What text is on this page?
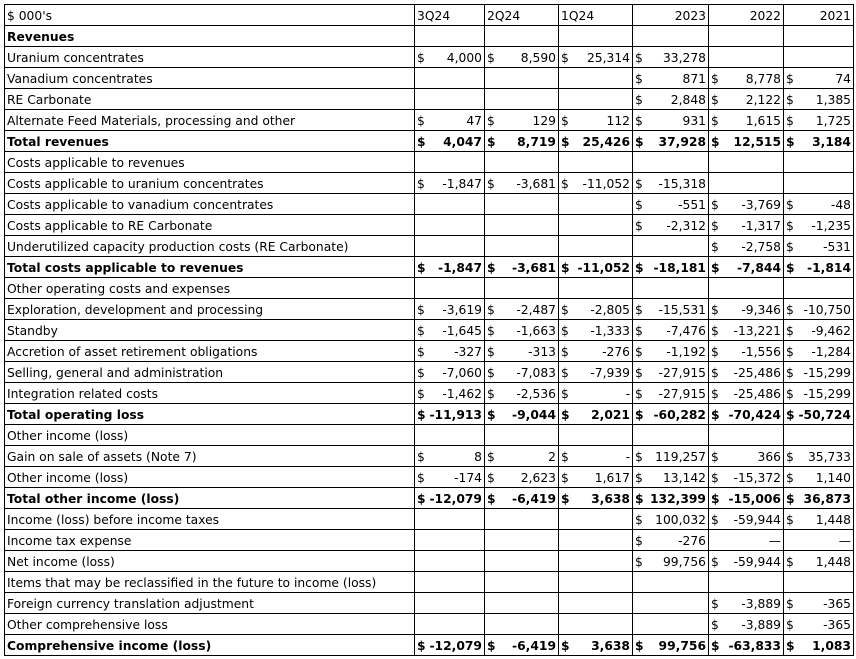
$ 000's	3Q24	2Q24	1Q24	2023	2022	2021
Revenues						
Uranium concentrates	$ 4,000	$ 8,590	$ 25,314	$ 33,278		

Vanadium concentrates				$ 871	$ 8,778	$ 74

RE Carbonate				$ 2,848	$ 2,122	$ 1,385

Alternate Feed Materials, processing and other	$ 47	$ 129	$ 112	$ 931	$ 1,615	$ 1,725

Total revenues	$ 4,047	$ 8,719	$ 25,426	$ 37,928	$ 12,515	$ 3,184

Costs applicable to revenues						
Costs applicable to uranium concentrates	$ -1,847	$ -3,681	$ -11,052	$ -15,318		

Costs applicable to vanadium concentrates				$ -551	$ -3,769	$ -48

Costs applicable to RE Carbonate				$ -2,312	$ -1,317	$ -1,235

Underutilized capacity production costs (RE Carbonate)					$ -2,758	$ -531

Total costs applicable to revenues	$ -1,847	$ -3,681	$ -11,052	$ -18,181	$ -7,844	$ -1,814

Other operating costs and expenses						
Exploration, development and processing	$ -3,619	$ -2,487	$ -2,805	$ -15,531	$ -9,346	$ -10,750

Standby	$ -1,645	$ -1,663	$ -1,333	$ -7,476	$ -13,221	$ -9,462

Accretion of asset retirement obligations	$ -327	$ -313	$ -276	$ -1,192	$ -1,556	$ -1,284

Selling, general and administration	$ -7,060	$ -7,083	$ -7,939	$ -27,915	$ -25,486	$ -15,299

Integration related costs	$ -1,462	$ -2,536	$ -	$ -27,915	$ -25,486	$ -15,299

Total operating loss	$ -11,913	$ -9,044	$ 2,021	$ -60,282	$ -70,424	$ -50,724

Other income (loss)						
Gain on sale of assets (Note 7)	$ 8	$ 2	$ -	$ 119,257	$ 366	$ 35,733

Other income (loss)	$ -174	$ 2,623	$ 1,617	$ 13,142	$ -15,372	$ 1,140

Total other income (loss)	$ -12,079	$ -6,419	$ 3,638	$ 132,399	$ -15,006	$ 36,873

Income (loss) before income taxes				$ 100,032	$ -59,944	$ 1,448

Income tax expense				$ -276	—	—

Net income (loss)				$ 99,756	$ -59,944	$ 1,448

Items that may be reclassified in the future to income (loss)						
Foreign currency translation adjustment					$ -3,889	$ -365

Other comprehensive loss					$ -3,889	$ -365

Comprehensive income (loss)	$ -12,079	$ -6,419	$ 3,638	$ 99,756	$ -63,833	$ 1,083
